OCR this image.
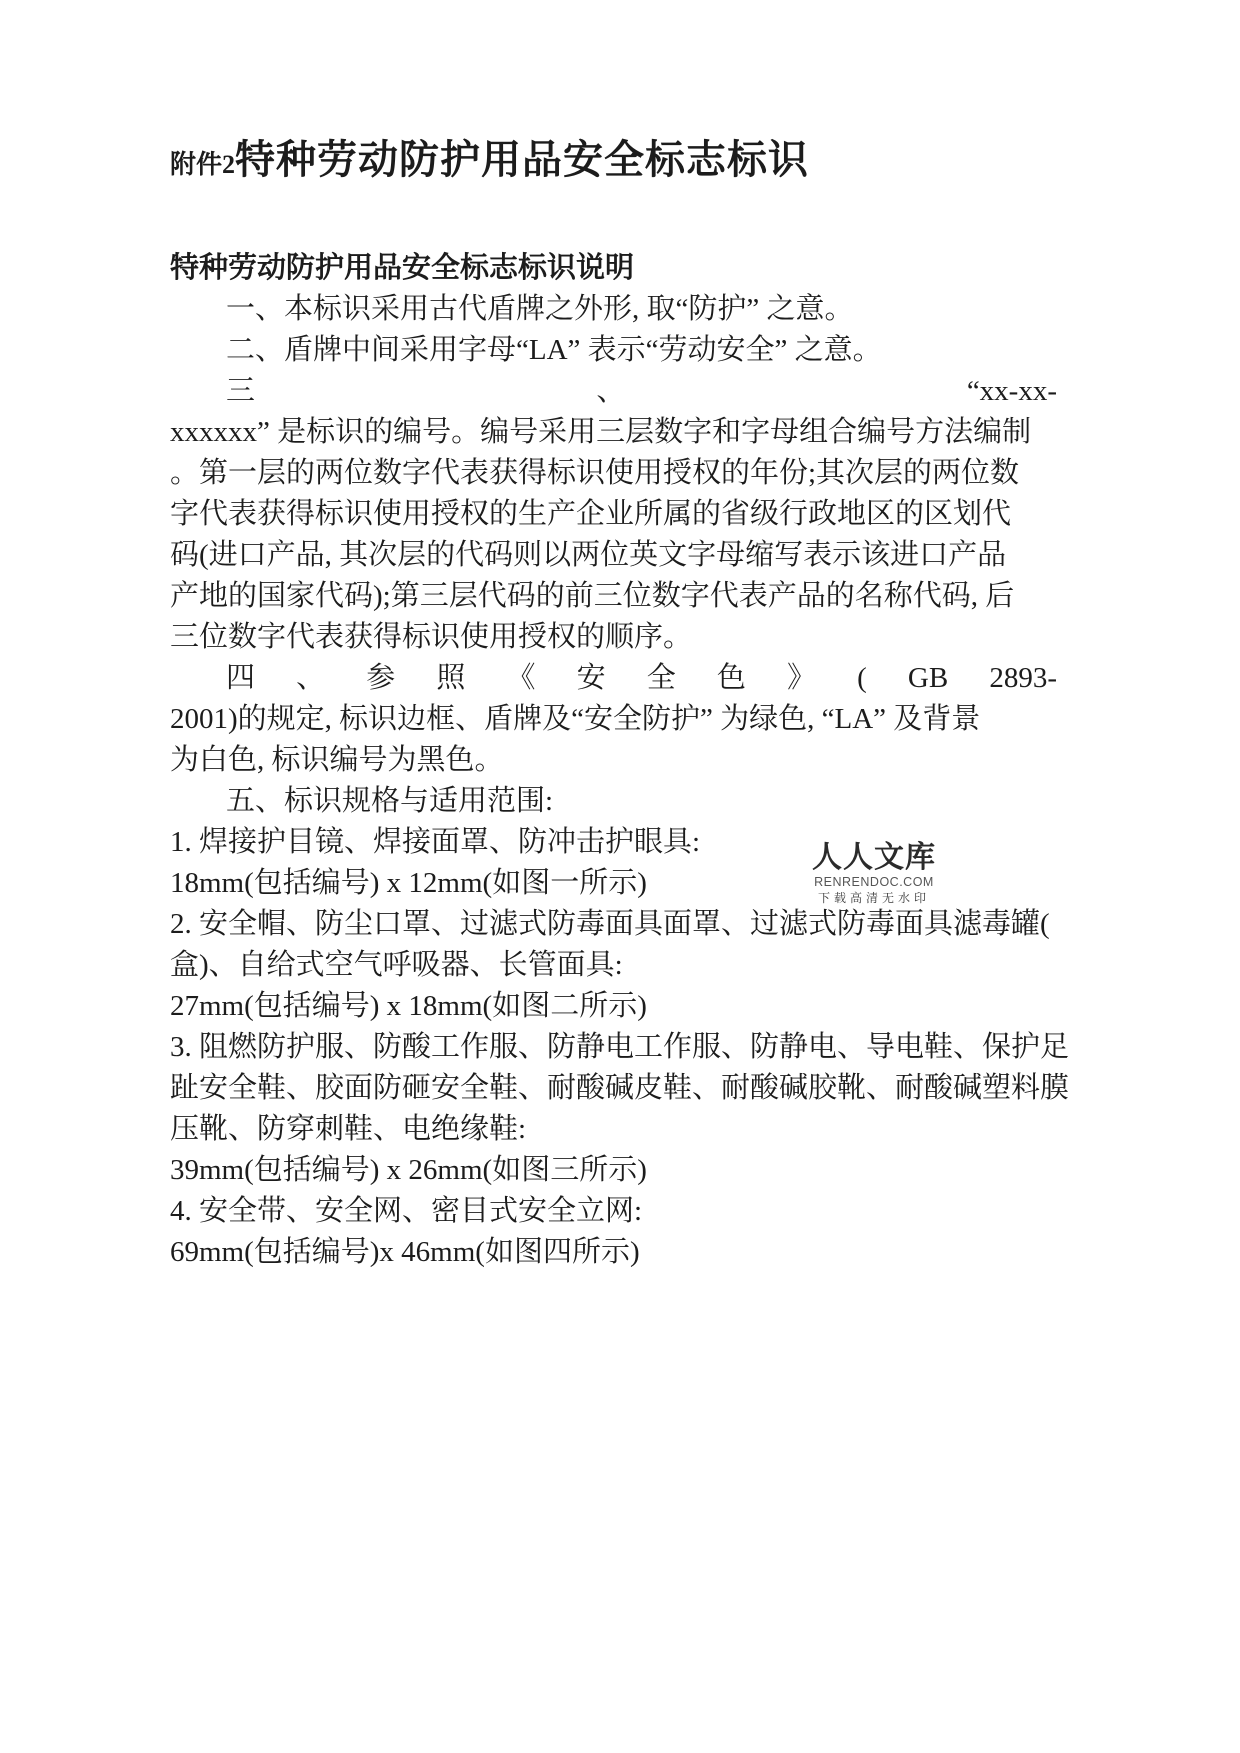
附件2特种劳动防护用品安全标志标识

特种劳动防护用品安全标志标识说明

一、本标识采用古代盾牌之外形, 取“防护” 之意。

二、盾牌中间采用字母“LA” 表示“劳动安全” 之意。

三	、	“xx-xx-

xxxxxx” 是标识的编号。编号采用三层数字和字母组合编号方法编制

。第一层的两位数字代表获得标识使用授权的年份;其次层的两位数

字代表获得标识使用授权的生产企业所属的省级行政地区的区划代

码(进口产品, 其次层的代码则以两位英文字母缩写表示该进口产品

产地的国家代码);第三层代码的前三位数字代表产品的名称代码, 后

三位数字代表获得标识使用授权的顺序。

四 、 参 照 《 安 全 色 》 ( GB 2893-

2001)的规定, 标识边框、盾牌及“安全防护” 为绿色, “LA” 及背景

为白色, 标识编号为黑色。

五、标识规格与适用范围:

1. 焊接护目镜、焊接面罩、防冲击护眼具:

18mm(包括编号) x 12mm(如图一所示)

2. 安全帽、防尘口罩、过滤式防毒面具面罩、过滤式防毒面具滤毒罐(

盒)、自给式空气呼吸器、长管面具:

27mm(包括编号) x 18mm(如图二所示)

3. 阻燃防护服、防酸工作服、防静电工作服、防静电、导电鞋、保护足

趾安全鞋、胶面防砸安全鞋、耐酸碱皮鞋、耐酸碱胶靴、耐酸碱塑料膜

压靴、防穿刺鞋、电绝缘鞋:

39mm(包括编号) x 26mm(如图三所示)

4. 安全带、安全网、密目式安全立网:

69mm(包括编号)x 46mm(如图四所示)

人人文库
RENRENDOC.COM
下载高清无水印
